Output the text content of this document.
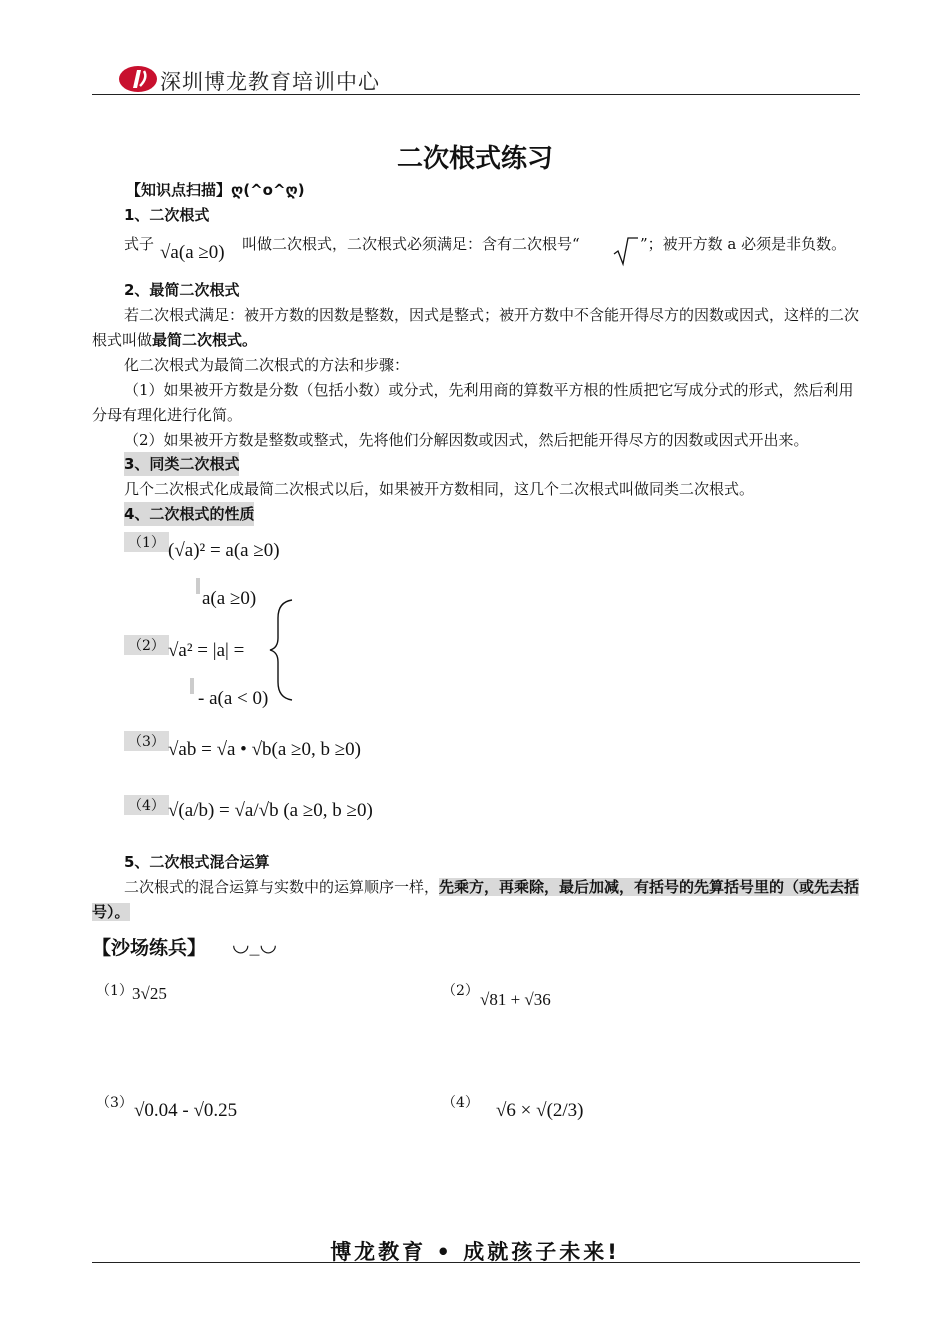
深圳博龙教育培训中心
二次根式练习
【知识点扫描】ღ(^o^ღ)
1、二次根式
式子 √a(a ≥0) 叫做二次根式，二次根式必须满足：含有二次根号“	”；被开方数 a 必须是非负数。
2、最简二次根式
若二次根式满足：被开方数的因数是整数，因式是整式；被开方数中不含能开得尽方的因数或因式，这样的二次根式叫做最简二次根式。
化二次根式为最简二次根式的方法和步骤：
（1）如果被开方数是分数（包括小数）或分式，先利用商的算数平方根的性质把它写成分式的形式，然后利用分母有理化进行化简。
（2）如果被开方数是整数或整式，先将他们分解因数或因式，然后把能开得尽方的因数或因式开出来。
3、同类二次根式
几个二次根式化成最简二次根式以后，如果被开方数相同，这几个二次根式叫做同类二次根式。
4、二次根式的性质
（1） (√a)² = a(a ≥0)
（2）
a(a ≥0)
√a² = |a| =
- a(a < 0)
（3） √ab = √a • √b(a ≥0, b ≥0)
（4） √(a/b) = √a/√b (a ≥0, b ≥0)
5、二次根式混合运算
二次根式的混合运算与实数中的运算顺序一样，先乘方，再乘除，最后加减，有括号的先算括号里的（或先去括号）。
【沙场练兵】 ◡_◡
（1） 3√25	（2） √81 + √36
（3） √0.04 - √0.25	（4） √6 × √(2/3)
博龙教育 • 成就孩子未来!
